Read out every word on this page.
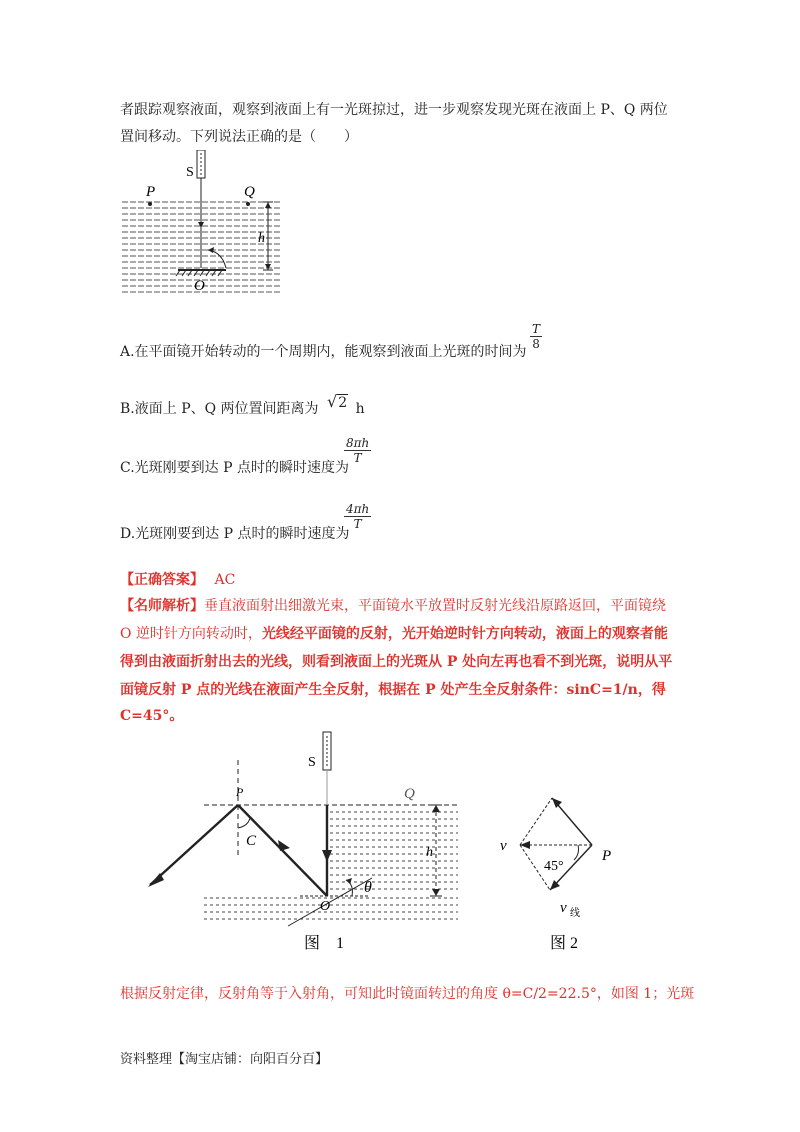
者跟踪观察液面，观察到液面上有一光斑掠过，进一步观察发现光斑在液面上 P、Q 两位
置间移动。下列说法正确的是（　　）
S
P	Q
h
O
A.在平面镜开始转动的一个周期内，能观察到液面上光斑的时间为
$\frac{T}{8}$
B.液面上 P、Q 两位置间距离为 √2 h
C.光斑刚要到达 P 点时的瞬时速度为
$\frac{8\pi h}{T}$
D.光斑刚要到达 P 点时的瞬时速度为
$\frac{4\pi h}{T}$
【正确答案】 AC
【名师解析】垂直液面射出细激光束，平面镜水平放置时反射光线沿原路返回，平面镜绕
O 逆时针方向转动时，光线经平面镜的反射，光开始逆时针方向转动，液面上的观察者能
得到由液面折射出去的光线，则看到液面上的光斑从 P 处向左再也看不到光斑，说明从平
面镜反射 P 点的光线在液面产生全反射，根据在 P 处产生全反射条件：sinC=1/n，得
C=45°。
S
P	Q
C
h
θ
O
图　1
v
45°
P
v 线
图 2
根据反射定律，反射角等于入射角，可知此时镜面转过的角度 θ=C/2=22.5°，如图 1；光斑
资料整理【淘宝店铺：向阳百分百】
